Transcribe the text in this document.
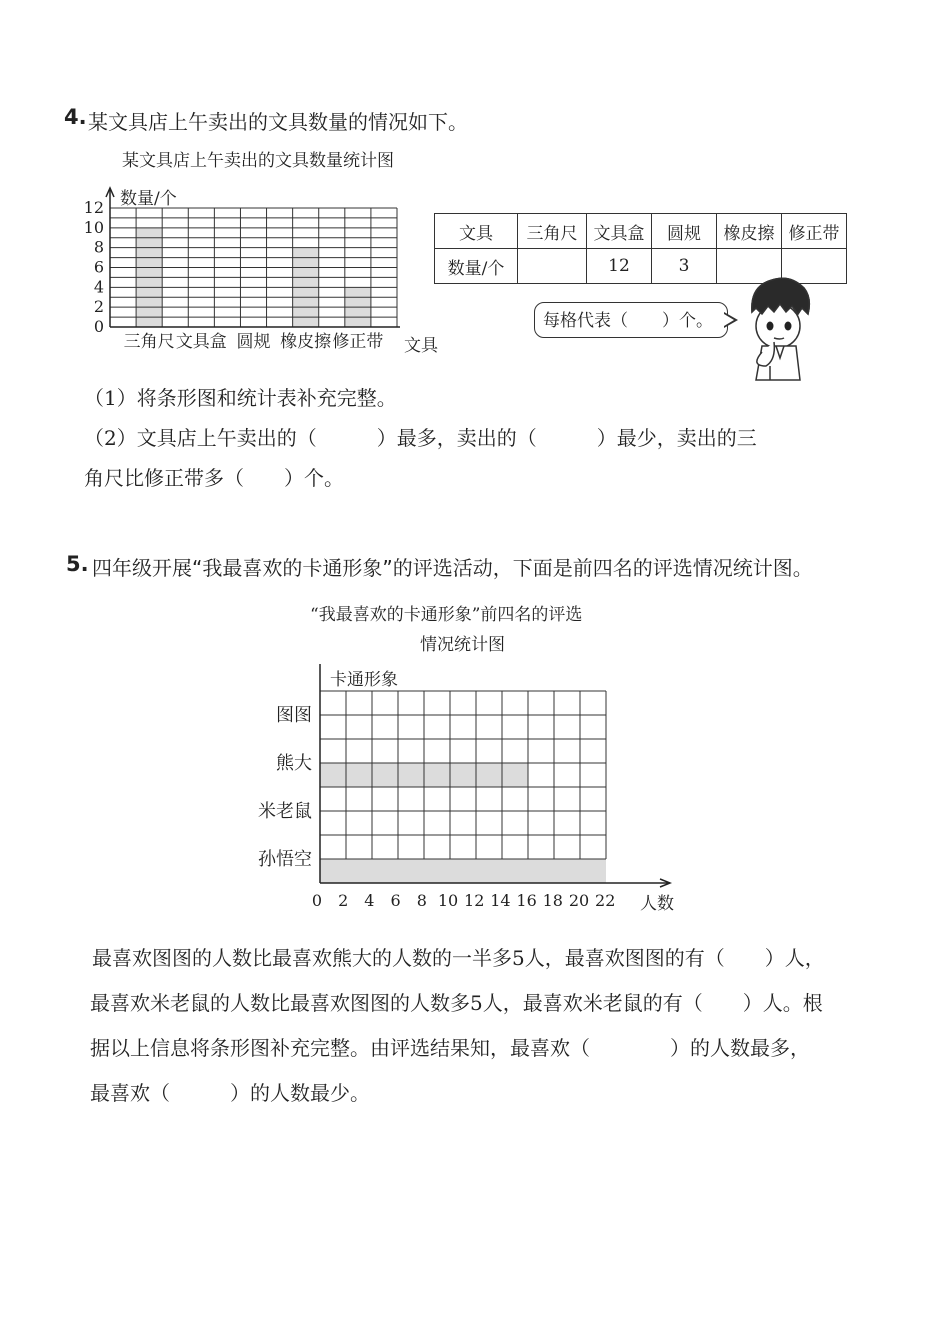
4. 某文具店上午卖出的文具数量的情况如下。
某文具店上午卖出的文具数量统计图
0
2
4
6
8
10
12
三角尺 文具盒 圆规 橡皮擦 修正带
数量/个
文具
文具	三角尺	文具盒	圆规	橡皮擦	修正带
数量/个		12	3		
每格代表（　　）个。
（1）将条形图和统计表补充完整。
（2）文具店上午卖出的（　　　）最多，卖出的（　　　）最少，卖出的三
角尺比修正带多（　　）个。
5. 四年级开展“我最喜欢的卡通形象”的评选活动，下面是前四名的评选情况统计图。
“我最喜欢的卡通形象”前四名的评选
情况统计图
0 2 4 6 8 10 12 14 16 18 20 22
图图
熊大
米老鼠
孙悟空
卡通形象
人数
最喜欢图图的人数比最喜欢熊大的人数的一半多5人，最喜欢图图的有（　　）人，
最喜欢米老鼠的人数比最喜欢图图的人数多5人，最喜欢米老鼠的有（　　）人。根
据以上信息将条形图补充完整。由评选结果知，最喜欢（　　　　）的人数最多，
最喜欢（　　　）的人数最少。
